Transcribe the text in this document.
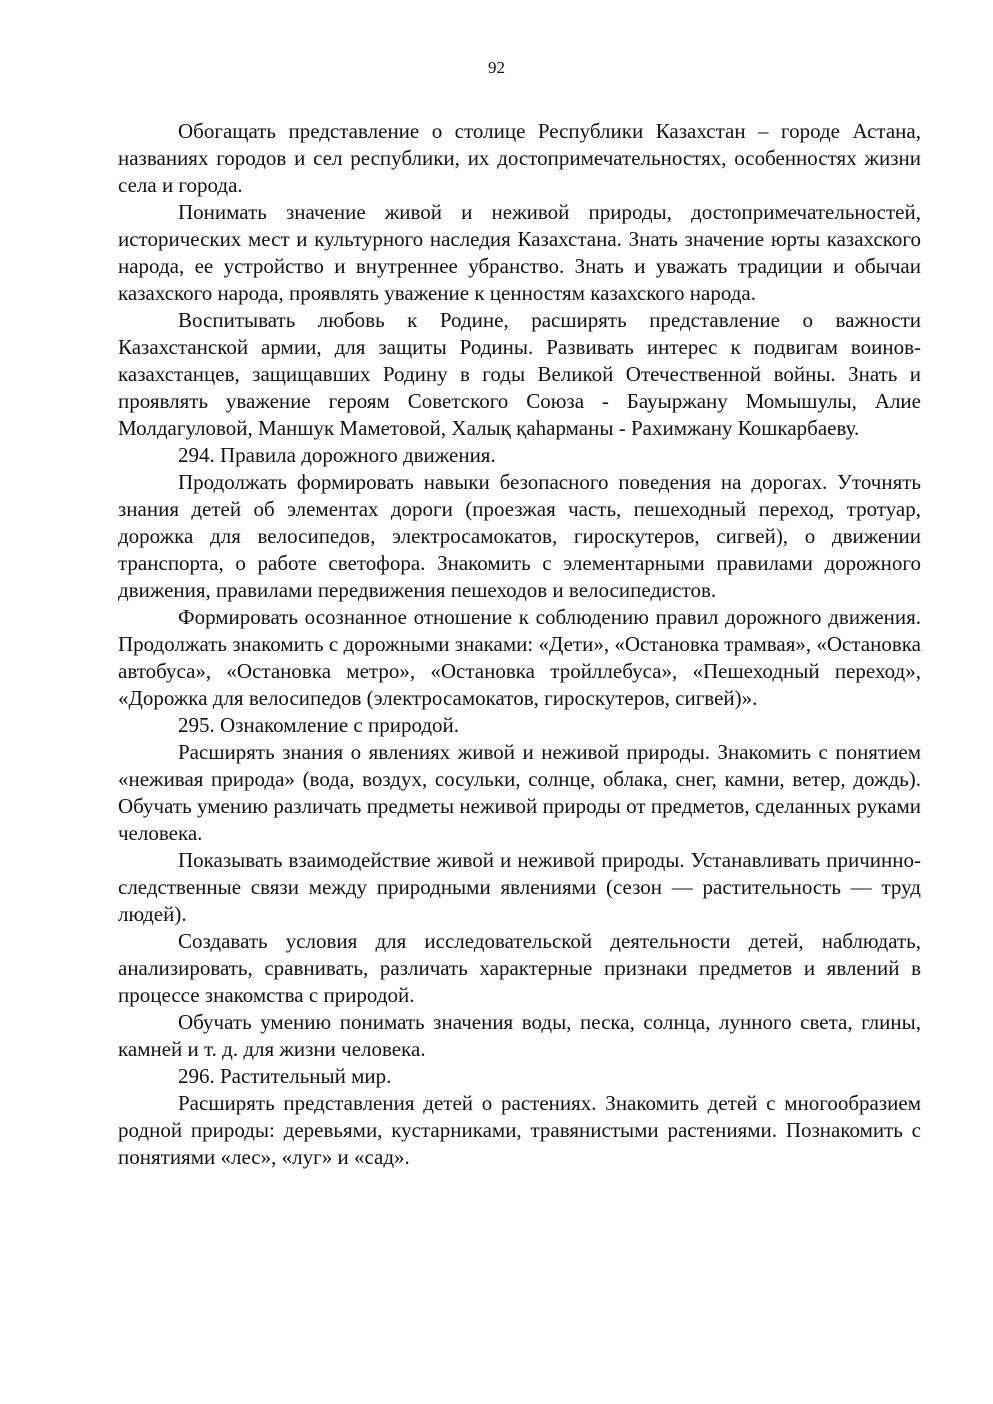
92

Обогащать представление о столице Республики Казахстан – городе Астана, названиях городов и сел республики, их достопримечательностях, особенностях жизни села и города.

Понимать значение живой и неживой природы, достопримечательностей, исторических мест и культурного наследия Казахстана. Знать значение юрты казахского народа, ее устройство и внутреннее убранство. Знать и уважать традиции и обычаи казахского народа, проявлять уважение к ценностям казахского народа.

Воспитывать любовь к Родине, расширять представление о важности Казахстанской армии, для защиты Родины. Развивать интерес к подвигам воинов-казахстанцев, защищавших Родину в годы Великой Отечественной войны. Знать и проявлять уважение героям Советского Союза - Бауыржану Момышулы, Алие Молдагуловой, Маншук Маметовой, Халық қаһарманы - Рахимжану Кошкарбаеву.

294. Правила дорожного движения.

Продолжать формировать навыки безопасного поведения на дорогах. Уточнять знания детей об элементах дороги (проезжая часть, пешеходный переход, тротуар, дорожка для велосипедов, электросамокатов, гироскутеров, сигвей), о движении транспорта, о работе светофора. Знакомить с элементарными правилами дорожного движения, правилами передвижения пешеходов и велосипедистов.

Формировать осознанное отношение к соблюдению правил дорожного движения. Продолжать знакомить с дорожными знаками: «Дети», «Остановка трамвая», «Остановка автобуса», «Остановка метро», «Остановка тройллебуса», «Пешеходный переход», «Дорожка для велосипедов (электросамокатов, гироскутеров, сигвей)».

295. Ознакомление с природой.

Расширять знания о явлениях живой и неживой природы. Знакомить с понятием «неживая природа» (вода, воздух, сосульки, солнце, облака, снег, камни, ветер, дождь). Обучать умению различать предметы неживой природы от предметов, сделанных руками человека.

Показывать взаимодействие живой и неживой природы. Устанавливать причинно-следственные связи между природными явлениями (сезон — растительность — труд людей).

Создавать условия для исследовательской деятельности детей, наблюдать, анализировать, сравнивать, различать характерные признаки предметов и явлений в процессе знакомства с природой.

Обучать умению понимать значения воды, песка, солнца, лунного света, глины, камней и т. д. для жизни человека.

296. Растительный мир.

Расширять представления детей о растениях. Знакомить детей с многообразием родной природы: деревьями, кустарниками, травянистыми растениями. Познакомить с понятиями «лес», «луг» и «сад».
